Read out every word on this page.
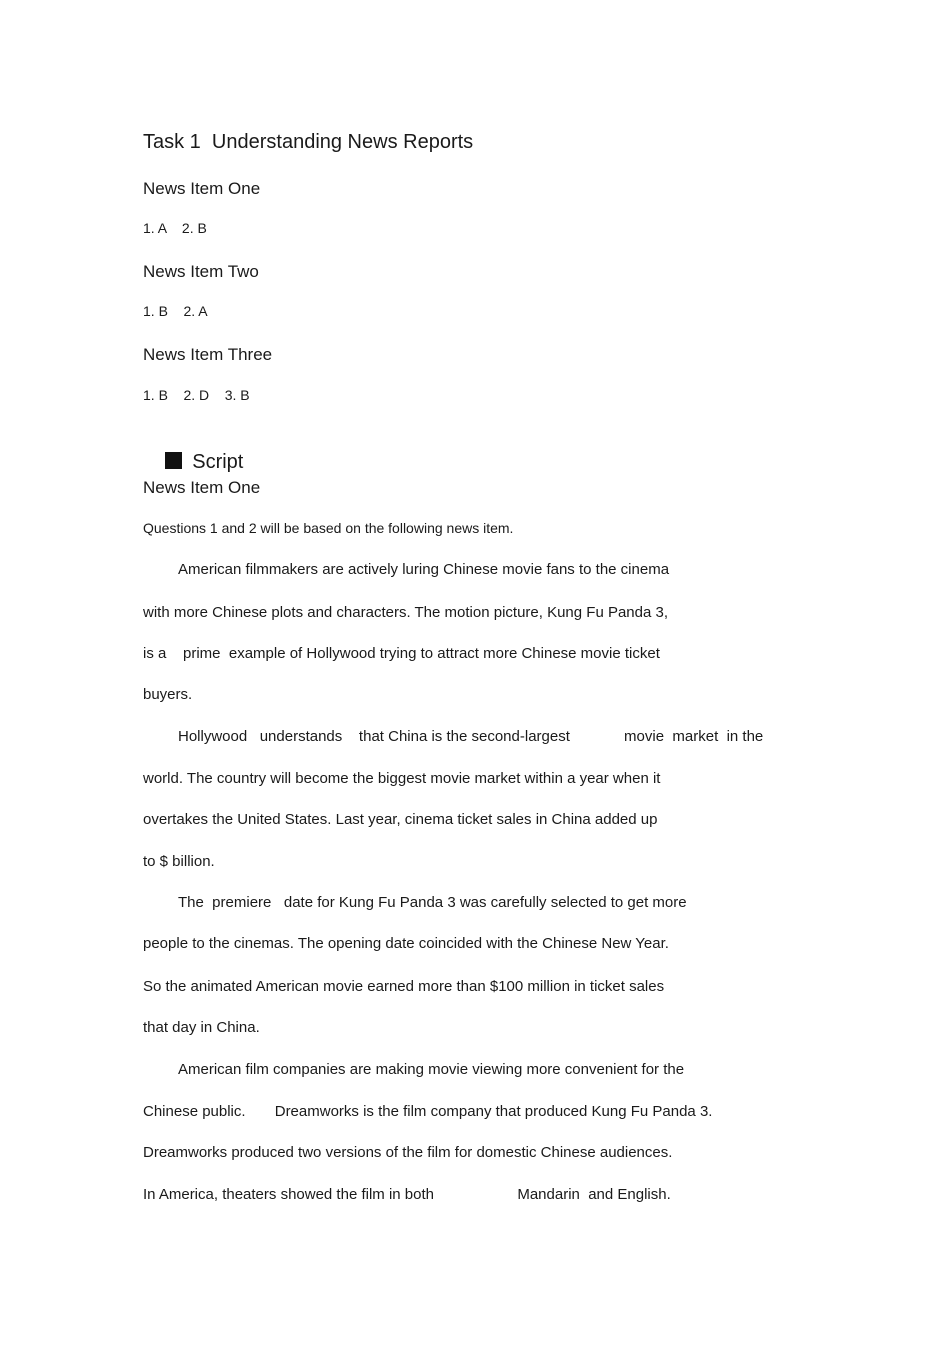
Task 1  Understanding News Reports
News Item One
1. A    2. B
News Item Two
1. B    2. A
News Item Three
1. B    2. D    3. B

Script

News Item One
Questions 1 and 2 will be based on the following news item.
American filmmakers are actively luring Chinese movie fans to the cinema
with more Chinese plots and characters. The motion picture, Kung Fu Panda 3,
is a    prime  example of Hollywood trying to attract more Chinese movie ticket
buyers.
Hollywood   understands    that China is the second-largest             movie  market  in the
world. The country will become the biggest movie market within a year when it
overtakes the United States. Last year, cinema ticket sales in China added up
to $ billion.
The  premiere   date for Kung Fu Panda 3 was carefully selected to get more
people to the cinemas. The opening date coincided with the Chinese New Year.
So the animated American movie earned more than $100 million in ticket sales
that day in China.
American film companies are making movie viewing more convenient for the
Chinese public.       Dreamworks is the film company that produced Kung Fu Panda 3.
Dreamworks produced two versions of the film for domestic Chinese audiences.
In America, theaters showed the film in both                    Mandarin  and English.
